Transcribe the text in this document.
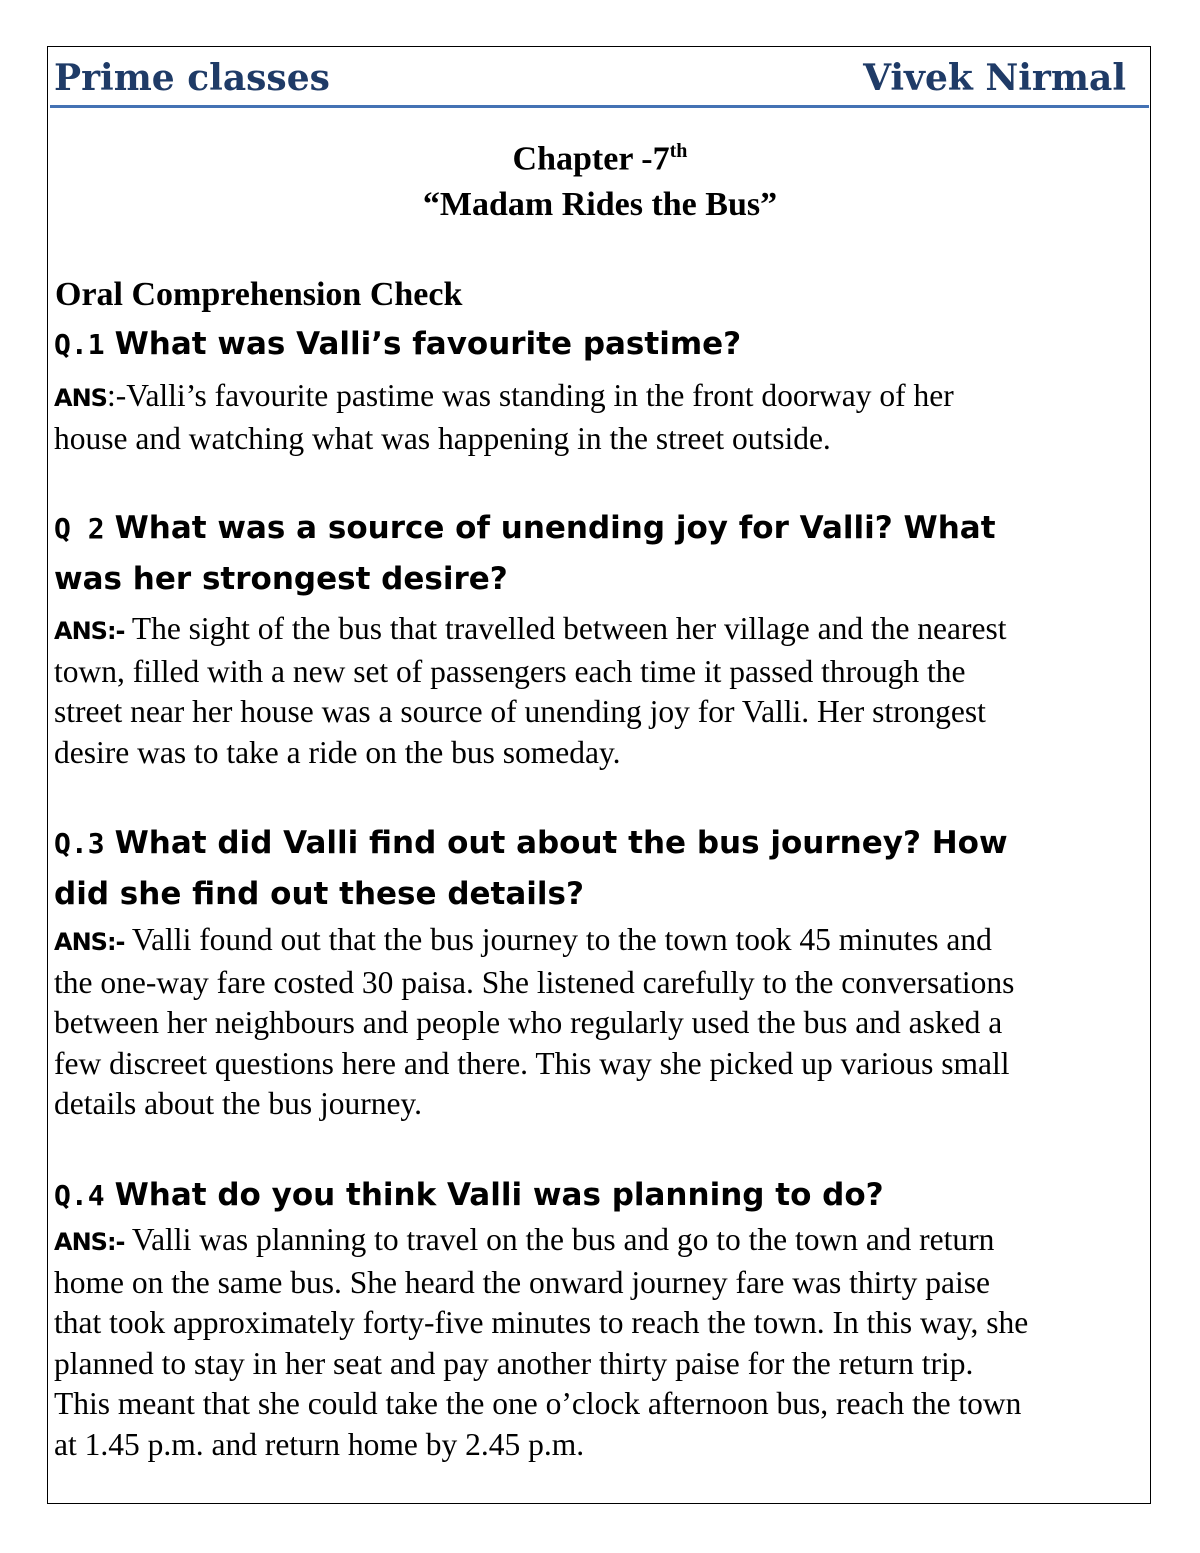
Prime classes	Vivek Nirmal
Chapter -7th
“Madam Rides the Bus”
Oral Comprehension Check
Q.1 What was Valli’s favourite pastime?
ANS:-Valli’s favourite pastime was standing in the front doorway of her
house and watching what was happening in the street outside.
Q 2 What was a source of unending joy for Valli? What
was her strongest desire?
ANS:- The sight of the bus that travelled between her village and the nearest
town, filled with a new set of passengers each time it passed through the
street near her house was a source of unending joy for Valli. Her strongest
desire was to take a ride on the bus someday.
Q.3 What did Valli find out about the bus journey? How
did she find out these details?
ANS:- Valli found out that the bus journey to the town took 45 minutes and
the one-way fare costed 30 paisa. She listened carefully to the conversations
between her neighbours and people who regularly used the bus and asked a
few discreet questions here and there. This way she picked up various small
details about the bus journey.
Q.4 What do you think Valli was planning to do?
ANS:- Valli was planning to travel on the bus and go to the town and return
home on the same bus. She heard the onward journey fare was thirty paise
that took approximately forty-five minutes to reach the town. In this way, she
planned to stay in her seat and pay another thirty paise for the return trip.
This meant that she could take the one o’clock afternoon bus, reach the town
at 1.45 p.m. and return home by 2.45 p.m.
